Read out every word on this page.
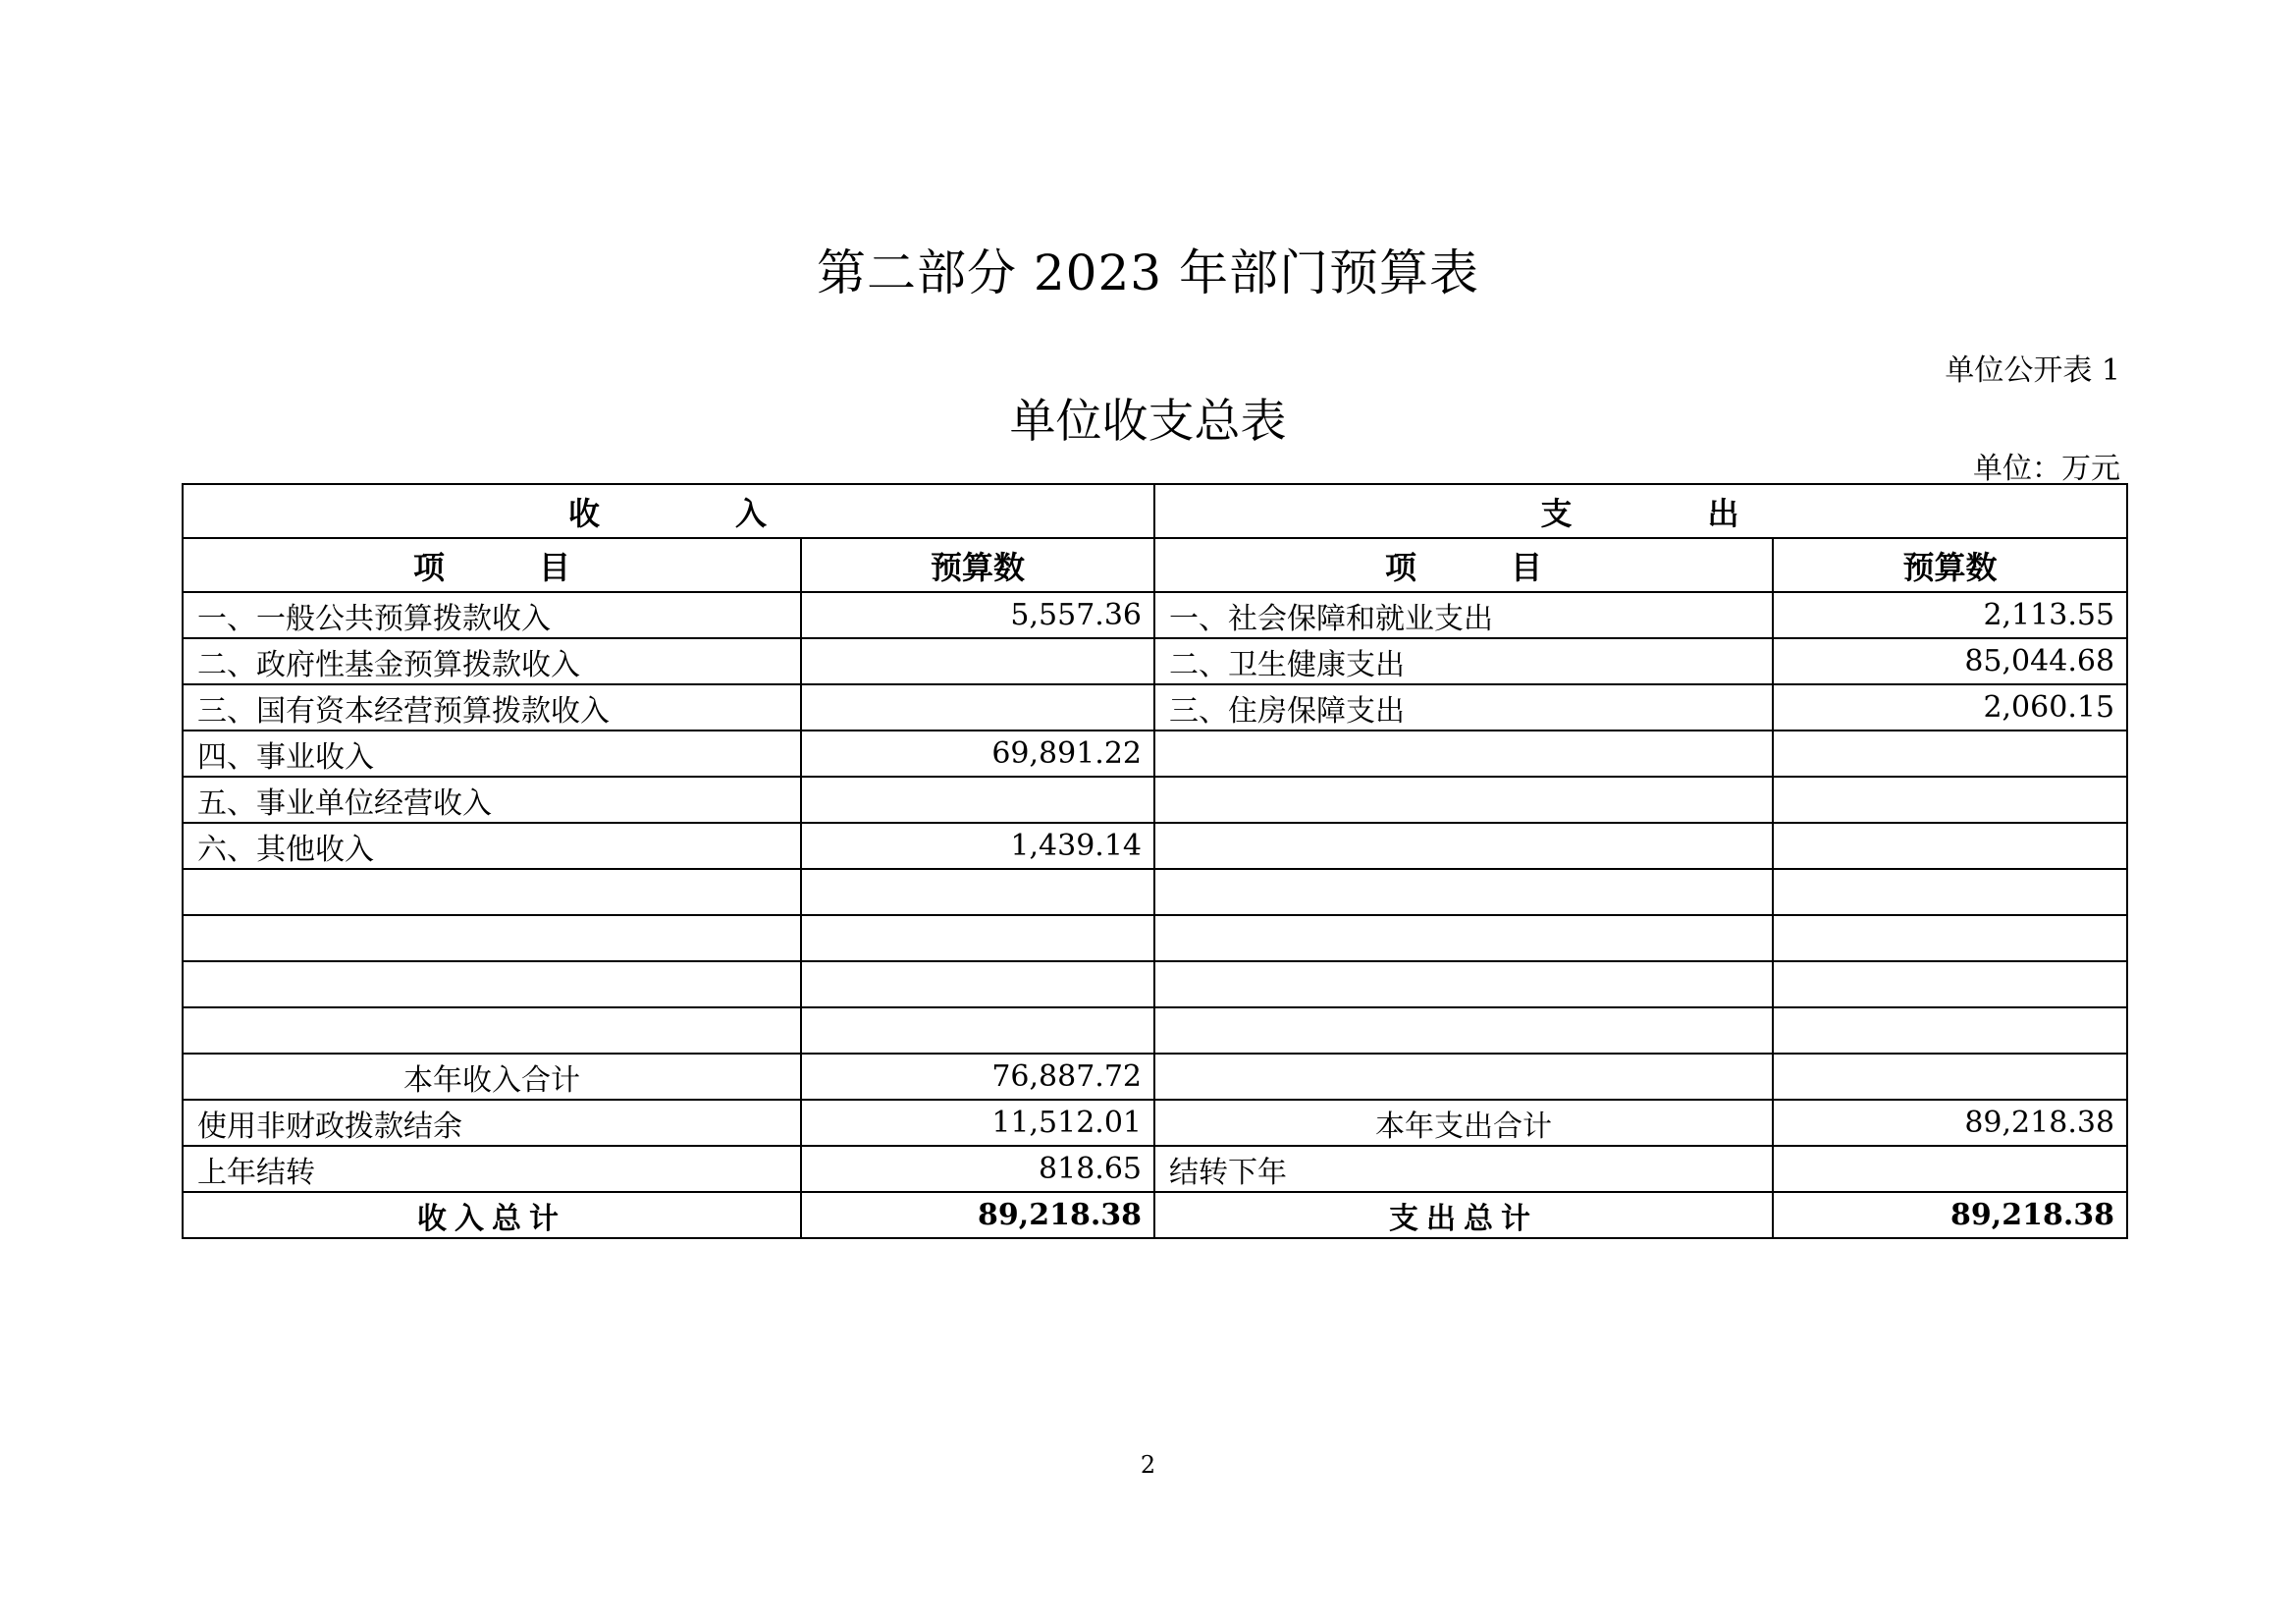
第二部分 2023 年部门预算表
单位公开表 1
单位收支总表
单位：万元
收　　　　入		支　　　　出	
项　　　目	预算数	项　　　目	预算数
一、一般公共预算拨款收入	5,557.36	一、社会保障和就业支出	2,113.55
二、政府性基金预算拨款收入		二、卫生健康支出	85,044.68
三、国有资本经营预算拨款收入		三、住房保障支出	2,060.15
四、事业收入	69,891.22		
五、事业单位经营收入			
六、其他收入	1,439.14		

本年收入合计	76,887.72		
使用非财政拨款结余	11,512.01	本年支出合计	89,218.38
上年结转	818.65	结转下年	
收入总计	89,218.38	支出总计	89,218.38
2
